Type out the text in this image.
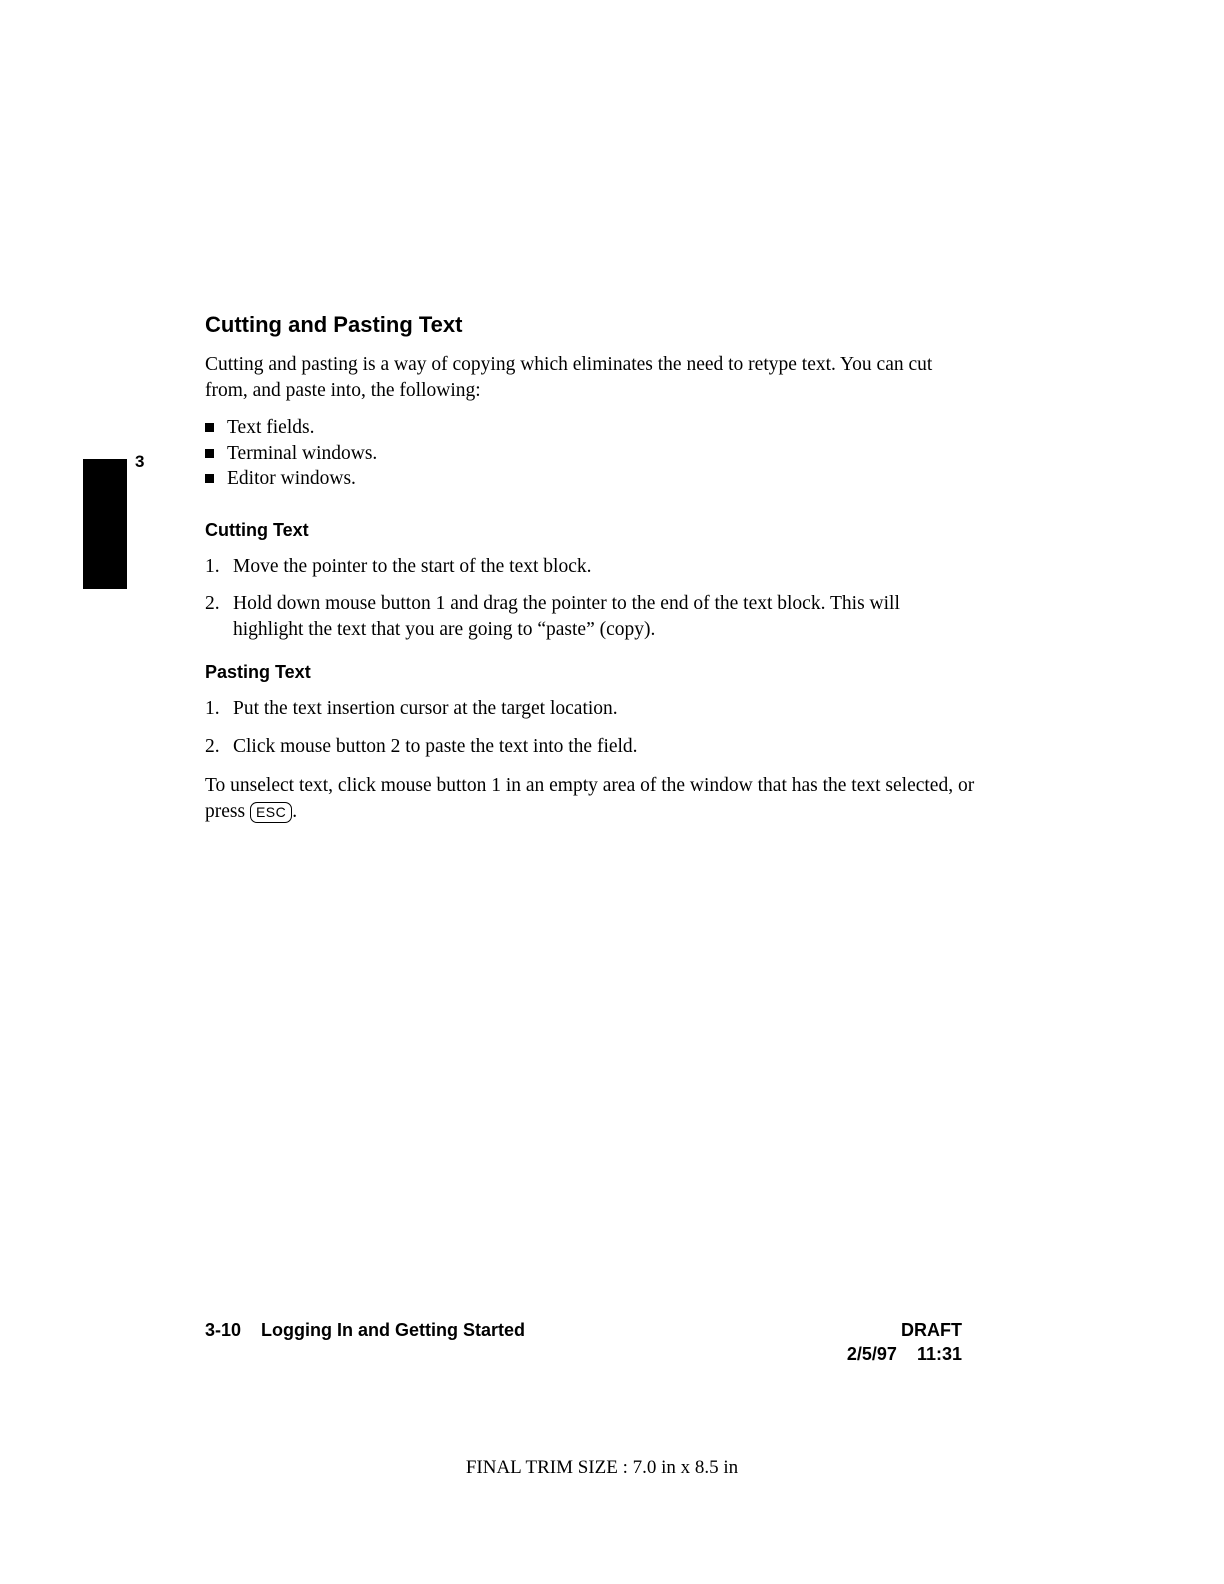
3
Cutting and Pasting Text

Cutting and pasting is a way of copying which eliminates the need to retype text. You can cut from, and paste into, the following:

Text fields.
Terminal windows.
Editor windows.
Cutting Text
1. Move the pointer to the start of the text block.
2. Hold down mouse button 1 and drag the pointer to the end of the text block. This will highlight the text that you are going to “paste” (copy).
Pasting Text
1. Put the text insertion cursor at the target location.
2. Click mouse button 2 to paste the text into the field.

To unselect text, click mouse button 1 in an empty area of the window that has the text selected, or press ESC .

3-10 Logging In and Getting Started	DRAFT
2/5/97 11:31
FINAL TRIM SIZE : 7.0 in x 8.5 in
